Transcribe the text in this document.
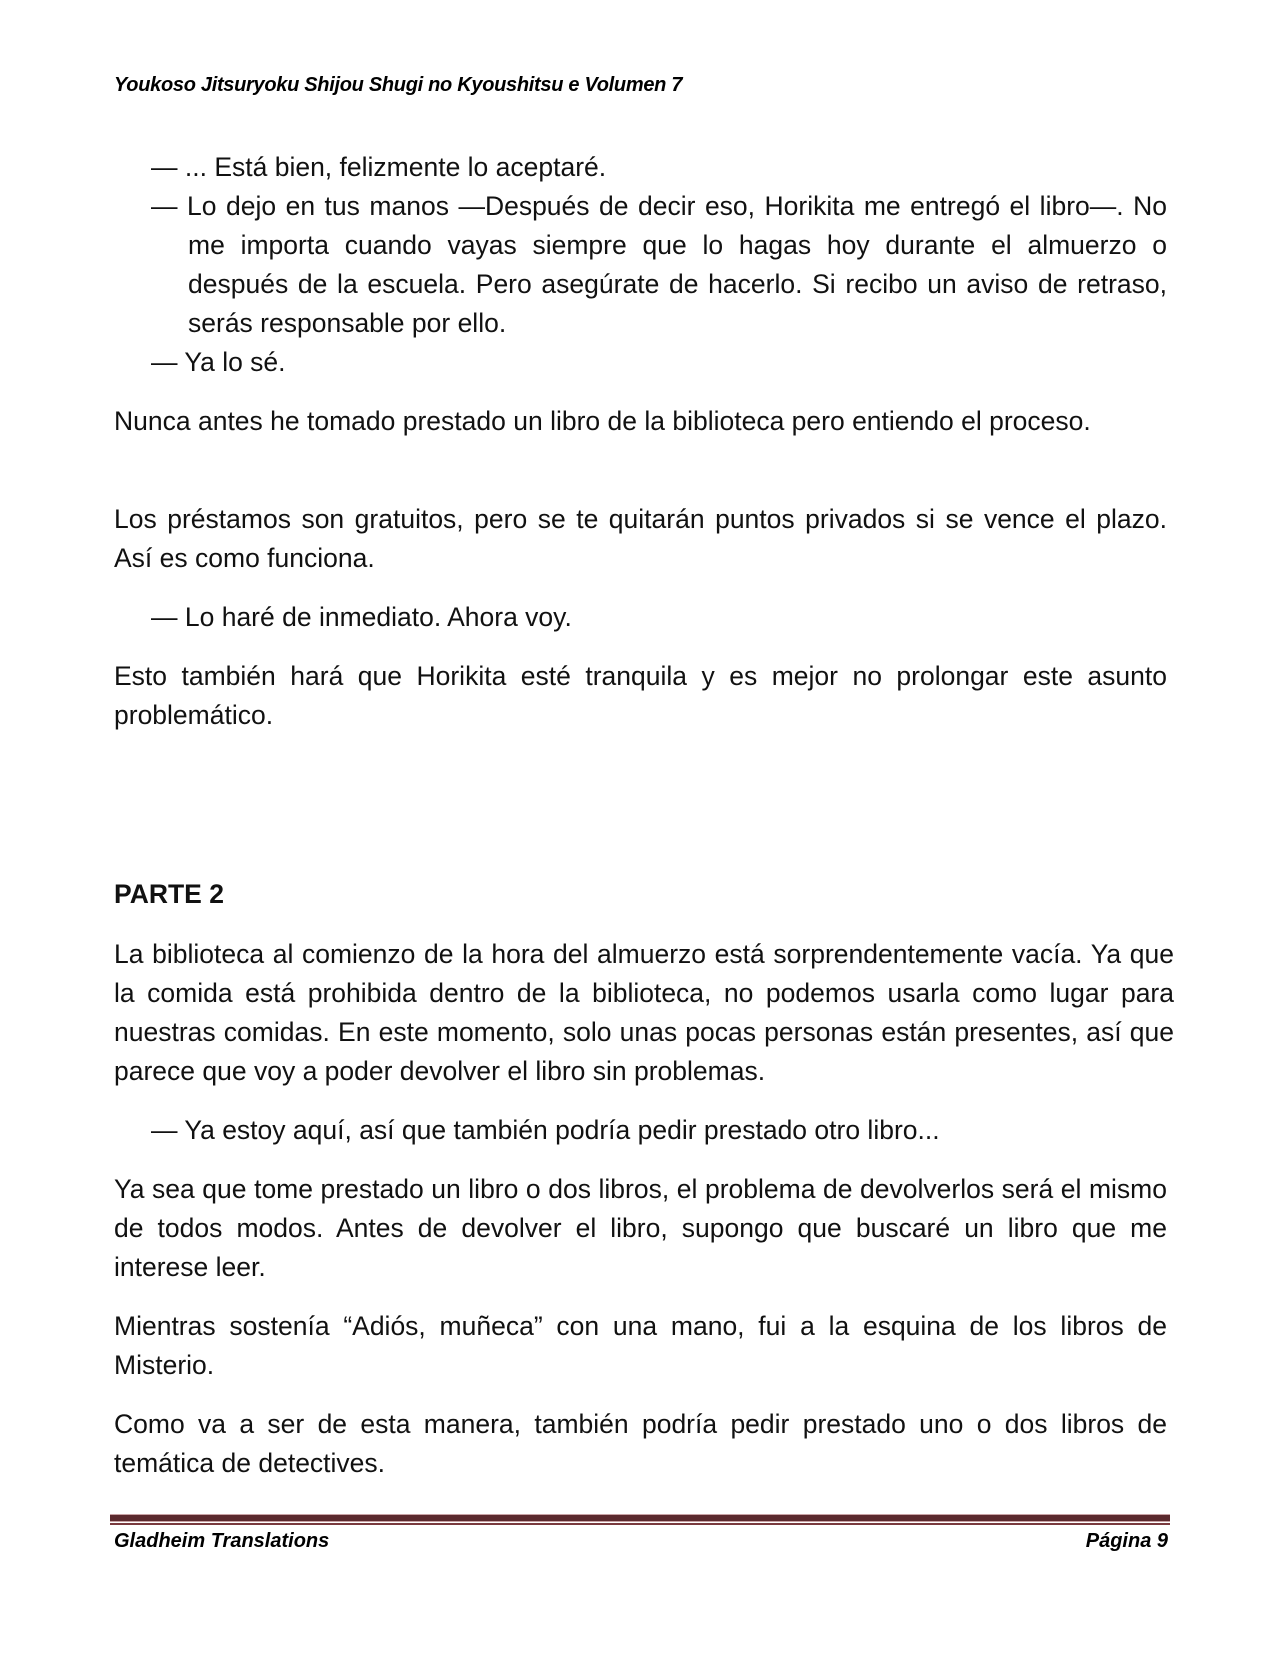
Youkoso Jitsuryoku Shijou Shugi no Kyoushitsu e Volumen 7

— ... Está bien, felizmente lo aceptaré.

— Lo dejo en tus manos —Después de decir eso, Horikita me entregó el libro—. No me importa cuando vayas siempre que lo hagas hoy durante el almuerzo o después de la escuela. Pero asegúrate de hacerlo. Si recibo un aviso de retraso, serás responsable por ello.

— Ya lo sé.

Nunca antes he tomado prestado un libro de la biblioteca pero entiendo el proceso.

Los préstamos son gratuitos, pero se te quitarán puntos privados si se vence el plazo. Así es como funciona.

— Lo haré de inmediato. Ahora voy.

Esto también hará que Horikita esté tranquila y es mejor no prolongar este asunto problemático.

PARTE 2

La biblioteca al comienzo de la hora del almuerzo está sorprendentemente vacía. Ya que la comida está prohibida dentro de la biblioteca, no podemos usarla como lugar para nuestras comidas. En este momento, solo unas pocas personas están presentes, así que parece que voy a poder devolver el libro sin problemas.

— Ya estoy aquí, así que también podría pedir prestado otro libro...

Ya sea que tome prestado un libro o dos libros, el problema de devolverlos será el mismo de todos modos. Antes de devolver el libro, supongo que buscaré un libro que me interese leer.

Mientras sostenía “Adiós, muñeca” con una mano, fui a la esquina de los libros de Misterio.

Como va a ser de esta manera, también podría pedir prestado uno o dos libros de temática de detectives.

Gladheim Translations	Página 9
